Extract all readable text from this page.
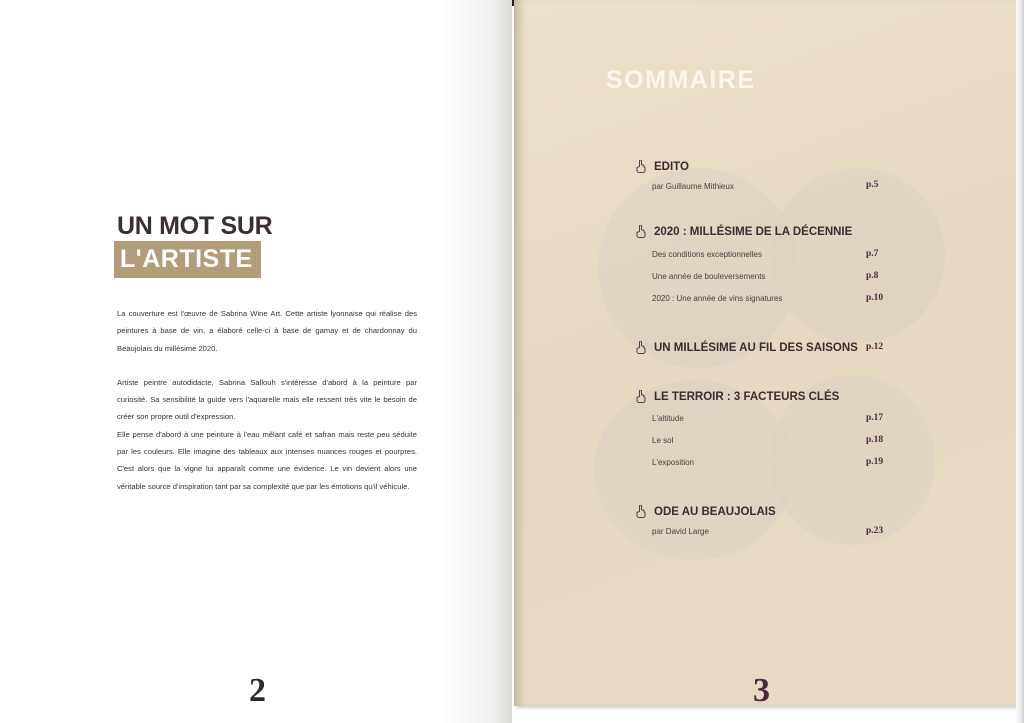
UN MOT SUR
L'ARTISTE

La couverture est l'œuvre de Sabrina Wine Art. Cette artiste lyonnaise qui réalise des peintures à base de vin, a élaboré celle-ci à base de gamay et de chardonnay du Beaujolais du millésime 2020.

Artiste peintre autodidacte, Sabrina Sallouh s'intéresse d'abord à la peinture par curiosité. Sa sensibilité la guide vers l'aquarelle mais elle ressent très vite le besoin de créer son propre outil d'expression.

Elle pense d'abord à une peinture à l'eau mêlant café et safran mais reste peu séduite par les couleurs. Elle imagine des tableaux aux intenses nuances rouges et pourpres. C'est alors que la vigne lui apparaît comme une évidence. Le vin devient alors une véritable source d'inspiration tant par sa complexité que par les émotions qu'il véhicule.

2
SOMMAIRE
EDITO
par Guillaume Mithieux	p.5
2020 : MILLÉSIME DE LA DÉCENNIE
Des conditions exceptionnelles	p.7
Une année de bouleversements	p.8
2020 : Une année de vins signatures	p.10
UN MILLÉSIME AU FIL DES SAISONS p.12
LE TERROIR : 3 FACTEURS CLÉS
L'altitude	p.17
Le sol	p.18
L'exposition	p.19
ODE AU BEAUJOLAIS
par David Large	p.23
3
